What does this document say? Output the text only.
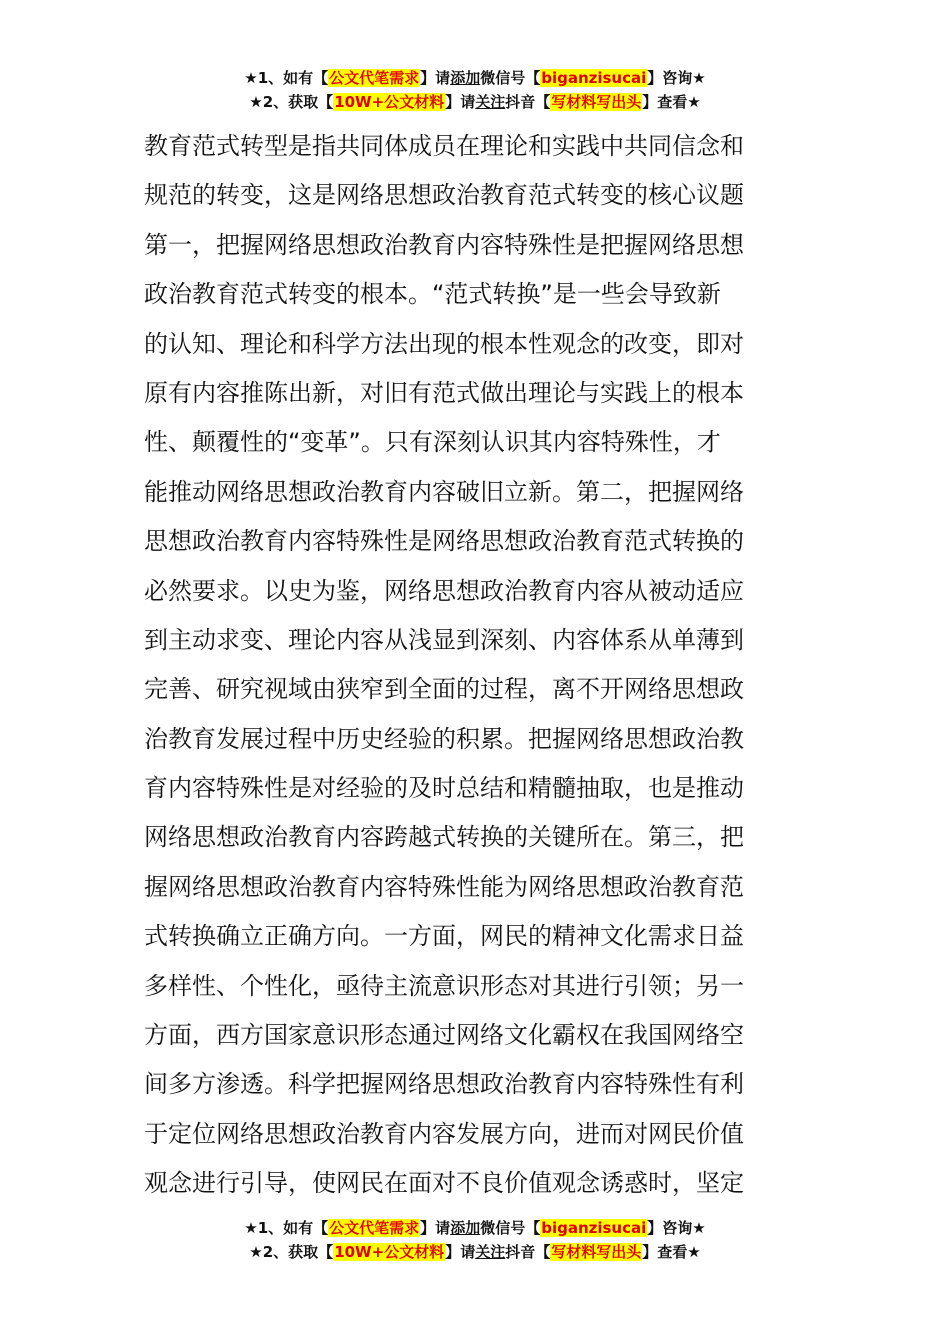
★1、如有【公文代笔需求】请添加微信号【biganzisucai】咨询★
★2、获取【10W+公文材料】请关注抖音【写材料写出头】查看★
教育范式转型是指共同体成员在理论和实践中共同信念和
规范的转变，这是网络思想政治教育范式转变的核心议题
第一，把握网络思想政治教育内容特殊性是把握网络思想
政治教育范式转变的根本。“范式转换”是一些会导致新
的认知、理论和科学方法出现的根本性观念的改变，即对
原有内容推陈出新，对旧有范式做出理论与实践上的根本
性、颠覆性的“变革”。只有深刻认识其内容特殊性，才
能推动网络思想政治教育内容破旧立新。第二，把握网络
思想政治教育内容特殊性是网络思想政治教育范式转换的
必然要求。以史为鉴，网络思想政治教育内容从被动适应
到主动求变、理论内容从浅显到深刻、内容体系从单薄到
完善、研究视域由狭窄到全面的过程，离不开网络思想政
治教育发展过程中历史经验的积累。把握网络思想政治教
育内容特殊性是对经验的及时总结和精髓抽取，也是推动
网络思想政治教育内容跨越式转换的关键所在。第三，把
握网络思想政治教育内容特殊性能为网络思想政治教育范
式转换确立正确方向。一方面，网民的精神文化需求日益
多样性、个性化，亟待主流意识形态对其进行引领；另一
方面，西方国家意识形态通过网络文化霸权在我国网络空
间多方渗透。科学把握网络思想政治教育内容特殊性有利
于定位网络思想政治教育内容发展方向，进而对网民价值
观念进行引导，使网民在面对不良价值观念诱惑时，坚定
★1、如有【公文代笔需求】请添加微信号【biganzisucai】咨询★
★2、获取【10W+公文材料】请关注抖音【写材料写出头】查看★
